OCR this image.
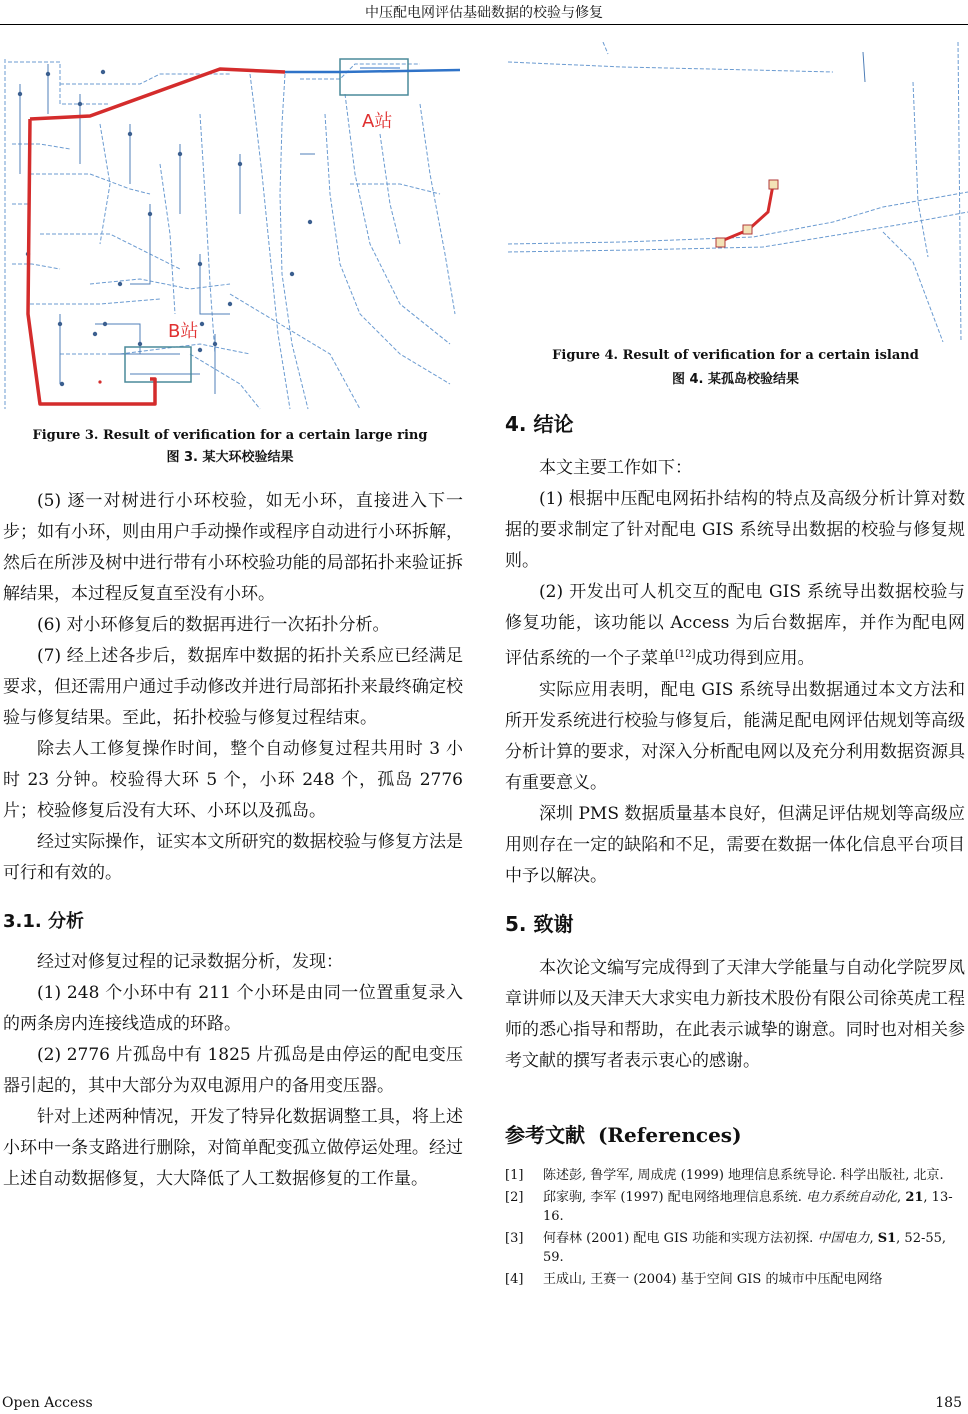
中压配电网评估基础数据的校验与修复
A站
B站
Figure 3. Result of verification for a certain large ring
图 3. 某大环校验结果
Figure 4. Result of verification for a certain island
图 4. 某孤岛校验结果

(5) 逐一对树进行小环校验，如无小环，直接进入下一步；如有小环，则由用户手动操作或程序自动进行小环拆解，然后在所涉及树中进行带有小环校验功能的局部拓扑来验证拆解结果，本过程反复直至没有小环。

(6) 对小环修复后的数据再进行一次拓扑分析。

(7) 经上述各步后，数据库中数据的拓扑关系应已经满足要求，但还需用户通过手动修改并进行局部拓扑来最终确定校验与修复结果。至此，拓扑校验与修复过程结束。

除去人工修复操作时间，整个自动修复过程共用时 3 小时 23 分钟。校验得大环 5 个，小环 248 个，孤岛 2776 片；校验修复后没有大环、小环以及孤岛。

经过实际操作，证实本文所研究的数据校验与修复方法是可行和有效的。

3.1. 分析

经过对修复过程的记录数据分析，发现：

(1) 248 个小环中有 211 个小环是由同一位置重复录入的两条房内连接线造成的环路。

(2) 2776 片孤岛中有 1825 片孤岛是由停运的配电变压器引起的，其中大部分为双电源用户的备用变压器。

针对上述两种情况，开发了特异化数据调整工具，将上述小环中一条支路进行删除，对简单配变孤立做停运处理。经过上述自动数据修复，大大降低了人工数据修复的工作量。

4. 结论

本文主要工作如下：

(1) 根据中压配电网拓扑结构的特点及高级分析计算对数据的要求制定了针对配电 GIS 系统导出数据的校验与修复规则。

(2) 开发出可人机交互的配电 GIS 系统导出数据校验与修复功能，该功能以 Access 为后台数据库，并作为配电网评估系统的一个子菜单[12]成功得到应用。

实际应用表明，配电 GIS 系统导出数据通过本文方法和所开发系统进行校验与修复后，能满足配电网评估规划等高级分析计算的要求，对深入分析配电网以及充分利用数据资源具有重要意义。

深圳 PMS 数据质量基本良好，但满足评估规划等高级应用则存在一定的缺陷和不足，需要在数据一体化信息平台项目中予以解决。

5. 致谢

本次论文编写完成得到了天津大学能量与自动化学院罗凤章讲师以及天津天大求实电力新技术股份有限公司徐英虎工程师的悉心指导和帮助，在此表示诚挚的谢意。同时也对相关参考文献的撰写者表示衷心的感谢。

参考文献 (References)
[1] 陈述彭, 鲁学军, 周成虎 (1999) 地理信息系统导论. 科学出版社, 北京.
[2] 邱家驹, 李军 (1997) 配电网络地理信息系统. 电力系统自动化, 21, 13-16.
[3] 何春林 (2001) 配电 GIS 功能和实现方法初探. 中国电力, S1, 52-55, 59.
[4] 王成山, 王赛一 (2004) 基于空间 GIS 的城市中压配电网络
Open Access	185
